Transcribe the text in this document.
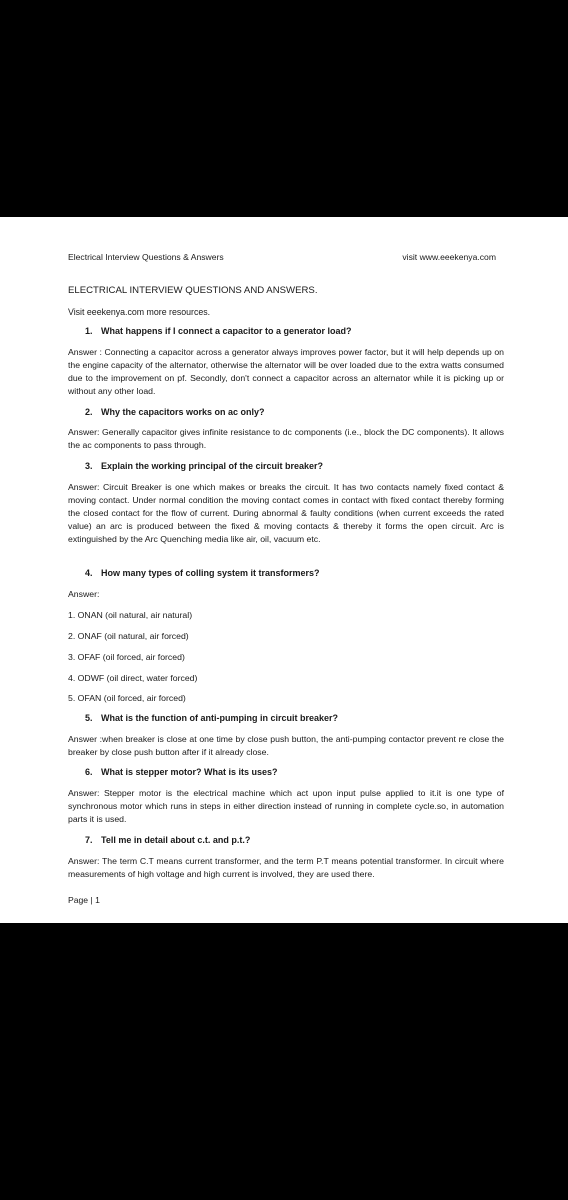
Electrical Interview Questions & Answers	visit www.eeekenya.com
ELECTRICAL INTERVIEW QUESTIONS AND ANSWERS.
Visit eeekenya.com more resources.
1. What happens if I connect a capacitor to a generator load?
Answer : Connecting a capacitor across a generator always improves power factor, but it will help depends up on the engine capacity of the alternator, otherwise the alternator will be over loaded due to the extra watts consumed due to the improvement on pf. Secondly, don't connect a capacitor across an alternator while it is picking up or without any other load.
2. Why the capacitors works on ac only?
Answer: Generally capacitor gives infinite resistance to dc components (i.e., block the DC components). It allows the ac components to pass through.
3. Explain the working principal of the circuit breaker?
Answer: Circuit Breaker is one which makes or breaks the circuit. It has two contacts namely fixed contact & moving contact. Under normal condition the moving contact comes in contact with fixed contact thereby forming the closed contact for the flow of current. During abnormal & faulty conditions (when current exceeds the rated value) an arc is produced between the fixed & moving contacts & thereby it forms the open circuit. Arc is extinguished by the Arc Quenching media like air, oil, vacuum etc.
4. How many types of colling system it transformers?
Answer:
1. ONAN (oil natural, air natural)
2. ONAF (oil natural, air forced)
3. OFAF (oil forced, air forced)
4. ODWF (oil direct, water forced)
5. OFAN (oil forced, air forced)
5. What is the function of anti-pumping in circuit breaker?
Answer :when breaker is close at one time by close push button, the anti-pumping contactor prevent re close the breaker by close push button after if it already close.
6. What is stepper motor? What is its uses?
Answer: Stepper motor is the electrical machine which act upon input pulse applied to it.it is one type of synchronous motor which runs in steps in either direction instead of running in complete cycle.so, in automation parts it is used.
7. Tell me in detail about c.t. and p.t.?
Answer: The term C.T means current transformer, and the term P.T means potential transformer. In circuit where measurements of high voltage and high current is involved, they are used there.
Page | 1
